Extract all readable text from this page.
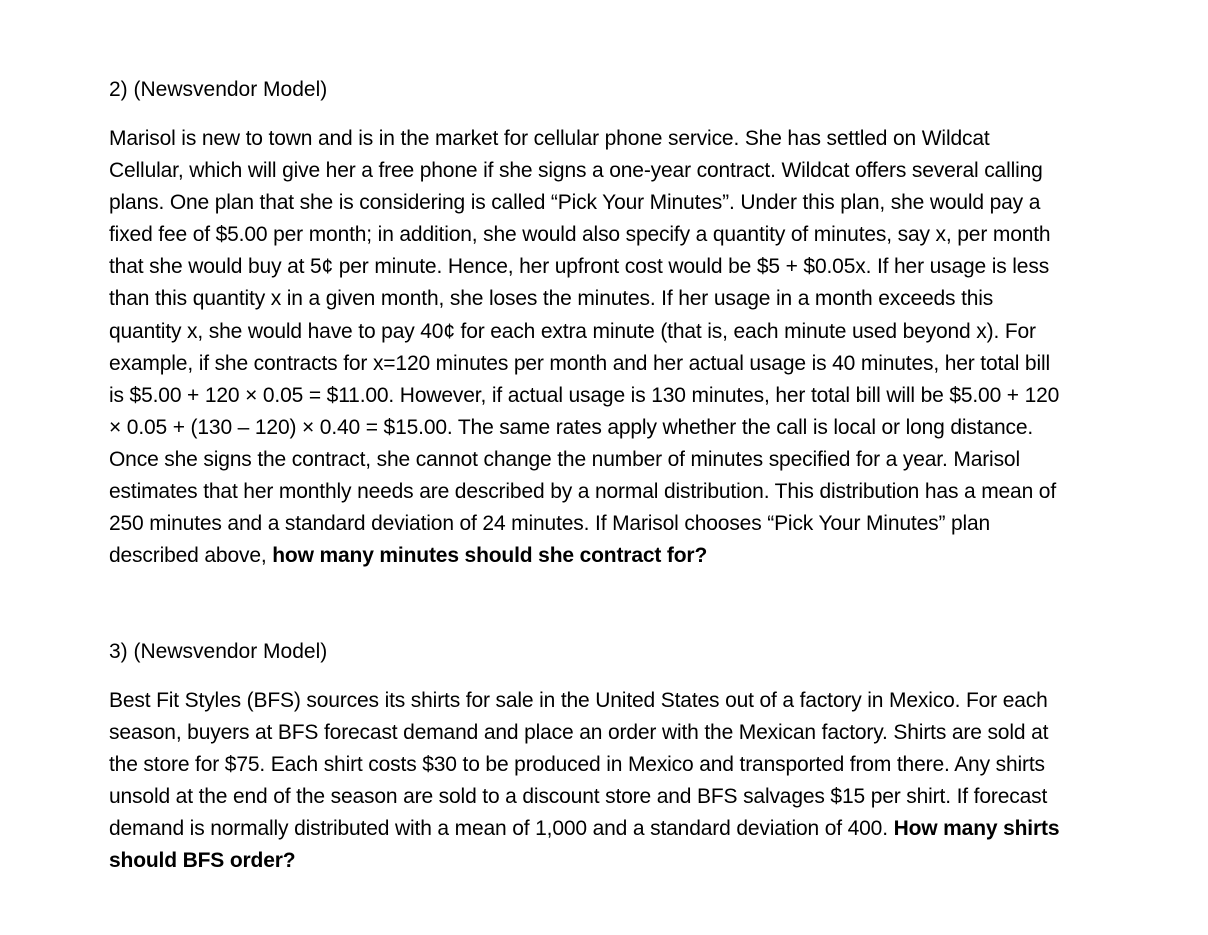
2) (Newsvendor Model)

Marisol is new to town and is in the market for cellular phone service. She has settled on Wildcat
Cellular, which will give her a free phone if she signs a one-year contract. Wildcat offers several calling
plans. One plan that she is considering is called “Pick Your Minutes”. Under this plan, she would pay a
fixed fee of $5.00 per month; in addition, she would also specify a quantity of minutes, say x, per month
that she would buy at 5¢ per minute. Hence, her upfront cost would be $5 + $0.05x. If her usage is less
than this quantity x in a given month, she loses the minutes. If her usage in a month exceeds this
quantity x, she would have to pay 40¢ for each extra minute (that is, each minute used beyond x). For
example, if she contracts for x=120 minutes per month and her actual usage is 40 minutes, her total bill
is $5.00 + 120 × 0.05 = $11.00. However, if actual usage is 130 minutes, her total bill will be $5.00 + 120
× 0.05 + (130 – 120) × 0.40 = $15.00. The same rates apply whether the call is local or long distance.
Once she signs the contract, she cannot change the number of minutes specified for a year. Marisol
estimates that her monthly needs are described by a normal distribution. This distribution has a mean of
250 minutes and a standard deviation of 24 minutes. If Marisol chooses “Pick Your Minutes” plan
described above, how many minutes should she contract for?

3) (Newsvendor Model)

Best Fit Styles (BFS) sources its shirts for sale in the United States out of a factory in Mexico. For each
season, buyers at BFS forecast demand and place an order with the Mexican factory. Shirts are sold at
the store for $75. Each shirt costs $30 to be produced in Mexico and transported from there. Any shirts
unsold at the end of the season are sold to a discount store and BFS salvages $15 per shirt. If forecast
demand is normally distributed with a mean of 1,000 and a standard deviation of 400. How many shirts
should BFS order?
